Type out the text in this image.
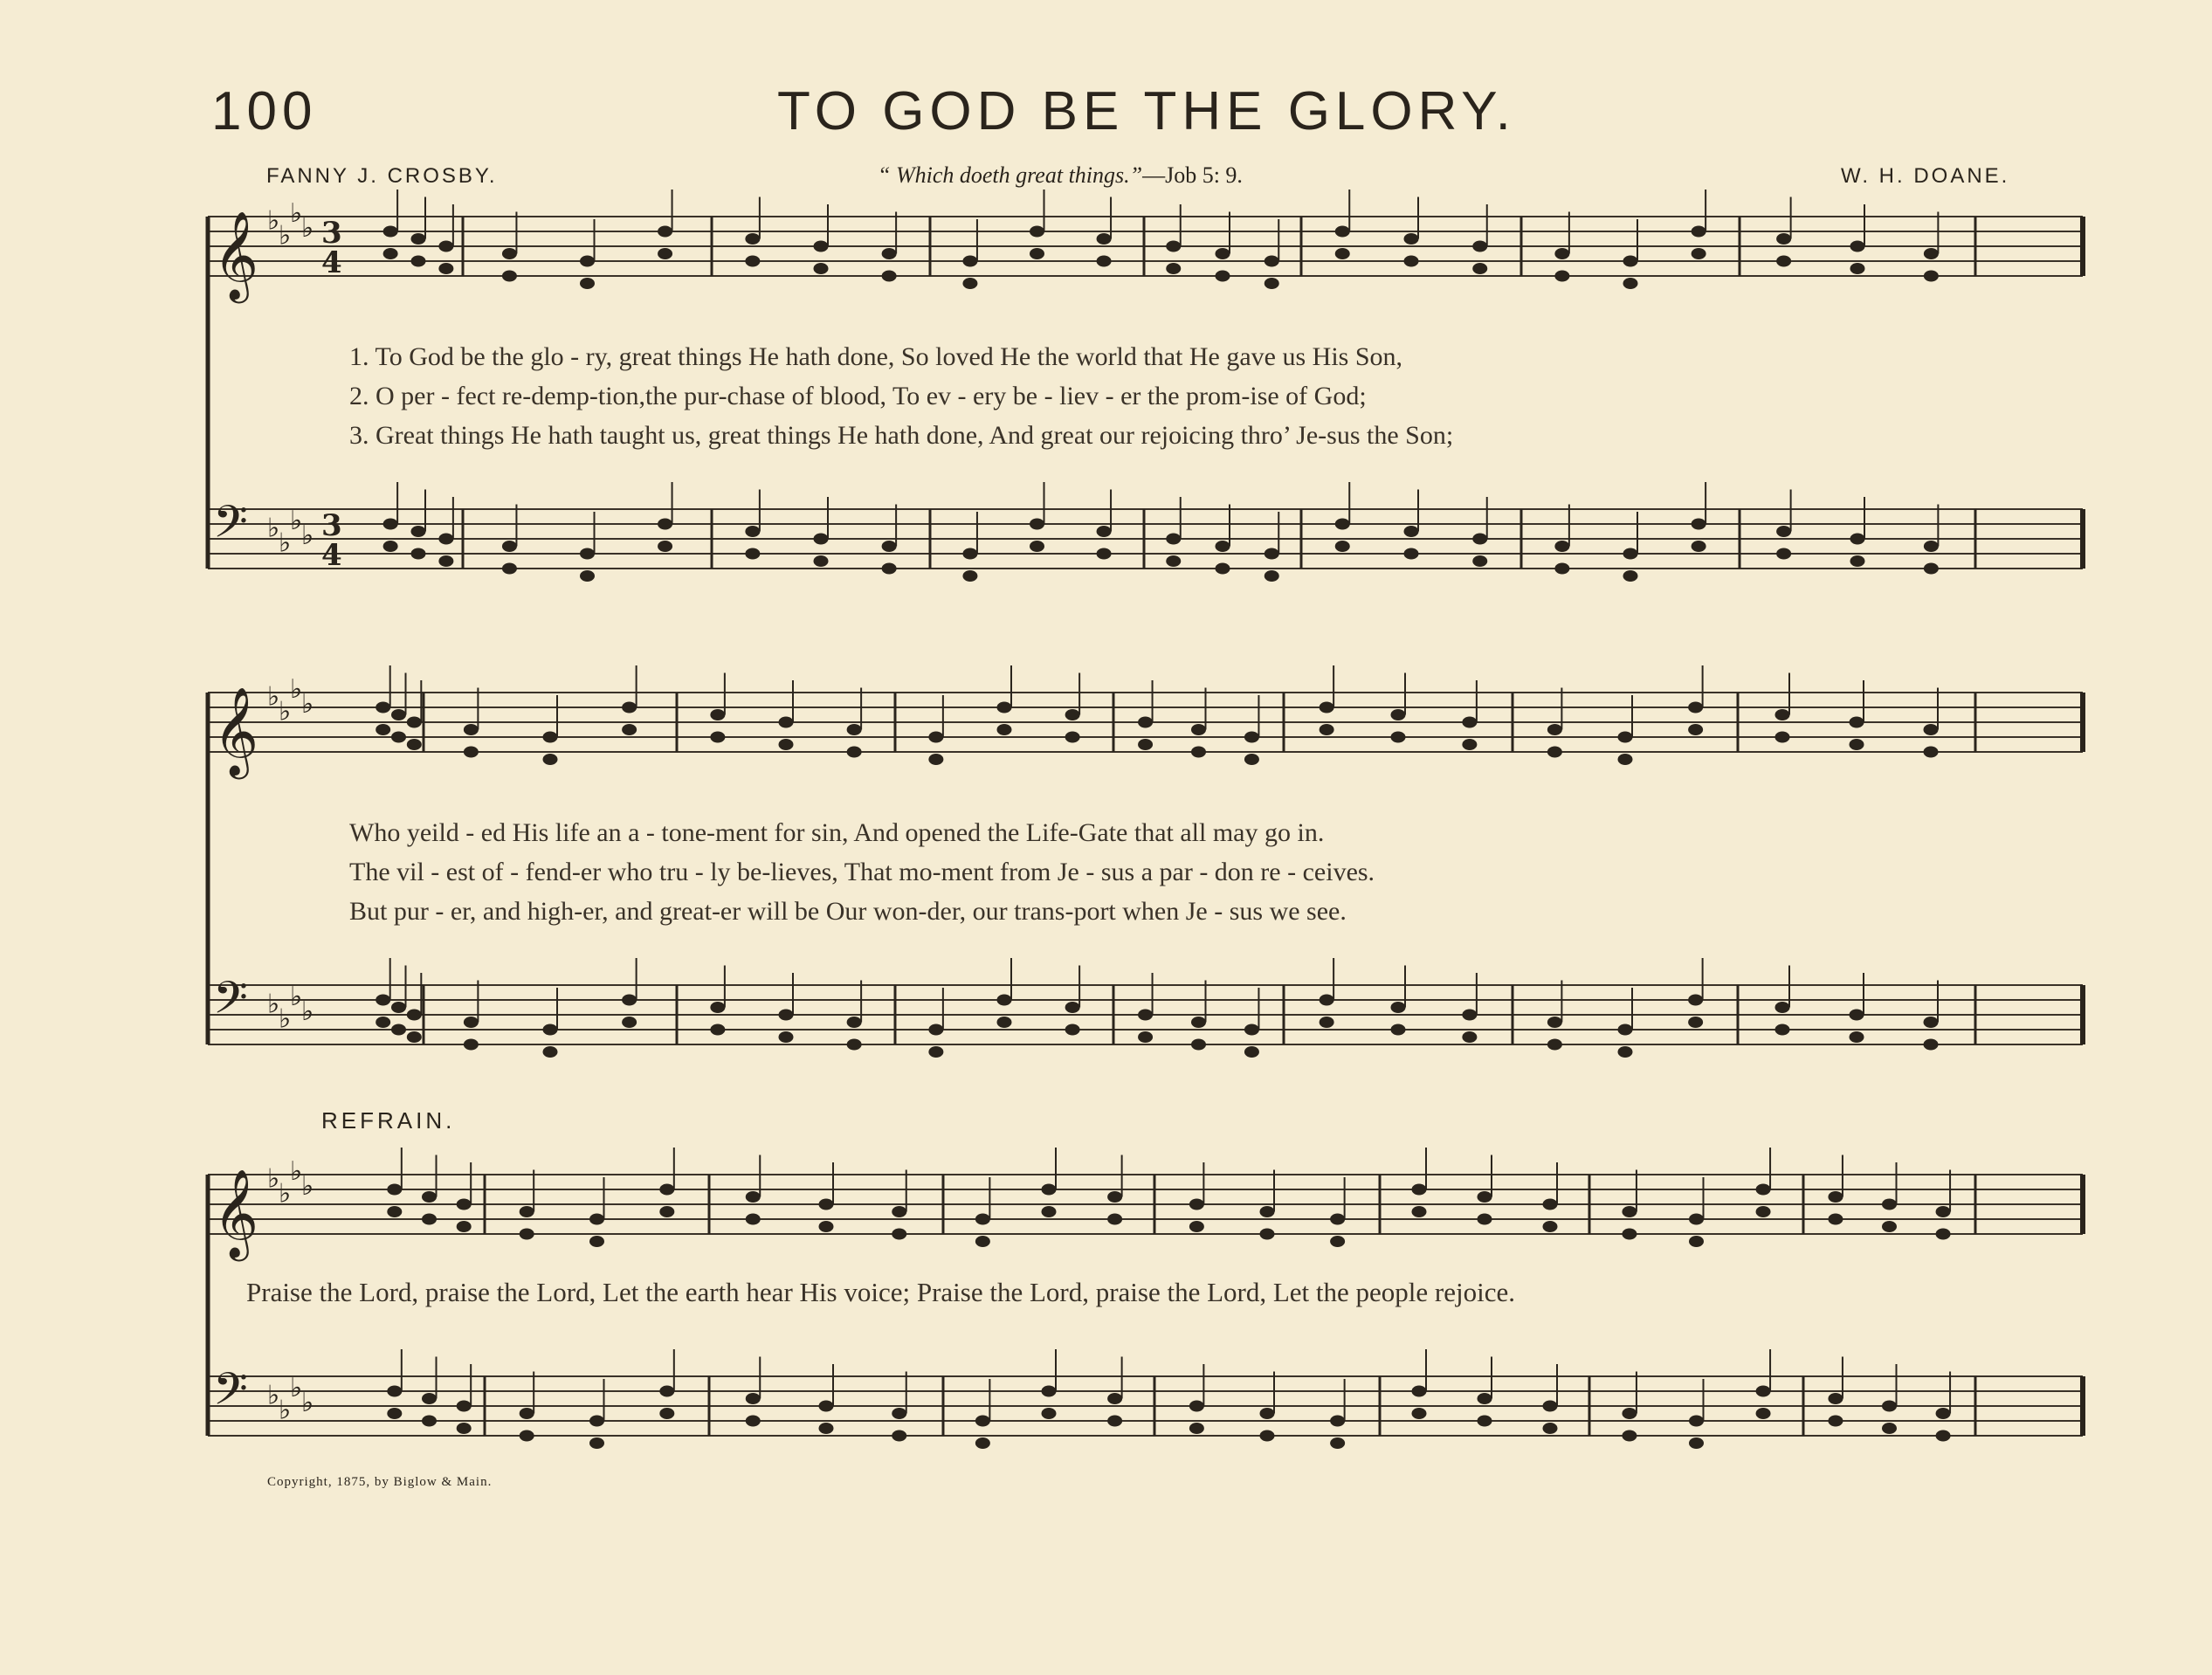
100	TO GOD BE THE GLORY.
FANNY J. CROSBY.	“ Which doeth great things.”—Job 5: 9.	W. H. DOANE.
𝄞 ♭
♭
♭
♭ 3
4
𝄢 ♭
♭
♭
♭ 3
4
𝄞 ♭
♭
♭
♭
𝄢 ♭
♭
♭
♭
𝄞 ♭
♭
♭
♭
𝄢 ♭
♭
♭
♭
1. To God be the glo - ry, great things He hath done, So loved He the world that He gave us His Son,
2. O per - fect re-demp-tion,the pur-chase of blood, To ev - ery be - liev - er the prom-ise of God;
3. Great things He hath taught us, great things He hath done, And great our rejoicing thro’ Je-sus the Son;
Who yeild - ed His life an a - tone-ment for sin, And opened the Life-Gate that all may go in.
The vil - est of - fend-er who tru - ly be-lieves, That mo-ment from Je - sus a par - don re - ceives.
But pur - er, and high-er, and great-er will be Our won-der, our trans-port when Je - sus we see.
REFRAIN.
Praise the Lord, praise the Lord, Let the earth hear His voice; Praise the Lord, praise the Lord, Let the people rejoice.
Copyright, 1875, by Biglow & Main.
